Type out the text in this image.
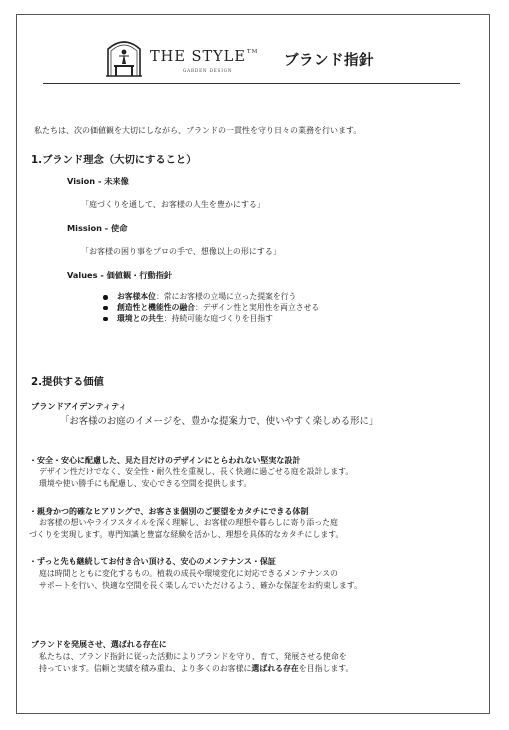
THE STYLE™
GARDEN DESIGN
ブランド指針
私たちは、次の価値観を大切にしながら、ブランドの一貫性を守り日々の業務を行います。
1.ブランド理念（大切にすること）
Vision - 未来像
「庭づくりを通して、お客様の人生を豊かにする」
Mission - 使命
「お客様の困り事をプロの手で、想像以上の形にする」
Values - 価値観・行動指針
お客様本位：常にお客様の立場に立った提案を行う
創造性と機能性の融合：デザイン性と実用性を両立させる
環境との共生：持続可能な庭づくりを目指す
2.提供する価値
ブランドアイデンティティ
「お客様のお庭のイメージを、豊かな提案力で、使いやすく楽しめる形に」
・安全・安心に配慮した、見た目だけのデザインにとらわれない堅実な設計
デザイン性だけでなく、安全性・耐久性を重視し、長く快適に過ごせる庭を設計します。
環境や使い勝手にも配慮し、安心できる空間を提供します。
・親身かつ的確なヒアリングで、お客さま個別のご要望をカタチにできる体制
お客様の想いやライフスタイルを深く理解し、お客様の理想や暮らしに寄り添った庭
づくりを実現します。専門知識と豊富な経験を活かし、理想を具体的なカタチにします。
・ずっと先も継続してお付き合い頂ける、安心のメンテナンス・保証
庭は時間とともに変化するもの。植栽の成長や環境変化に対応できるメンテナンスの
サポートを行い、快適な空間を長く楽しんでいただけるよう、確かな保証をお約束します。
ブランドを発展させ、選ばれる存在に
私たちは、ブランド指針に従った活動によりブランドを守り、育て、発展させる使命を
持っています。信頼と実績を積み重ね、より多くのお客様に選ばれる存在を目指します。
